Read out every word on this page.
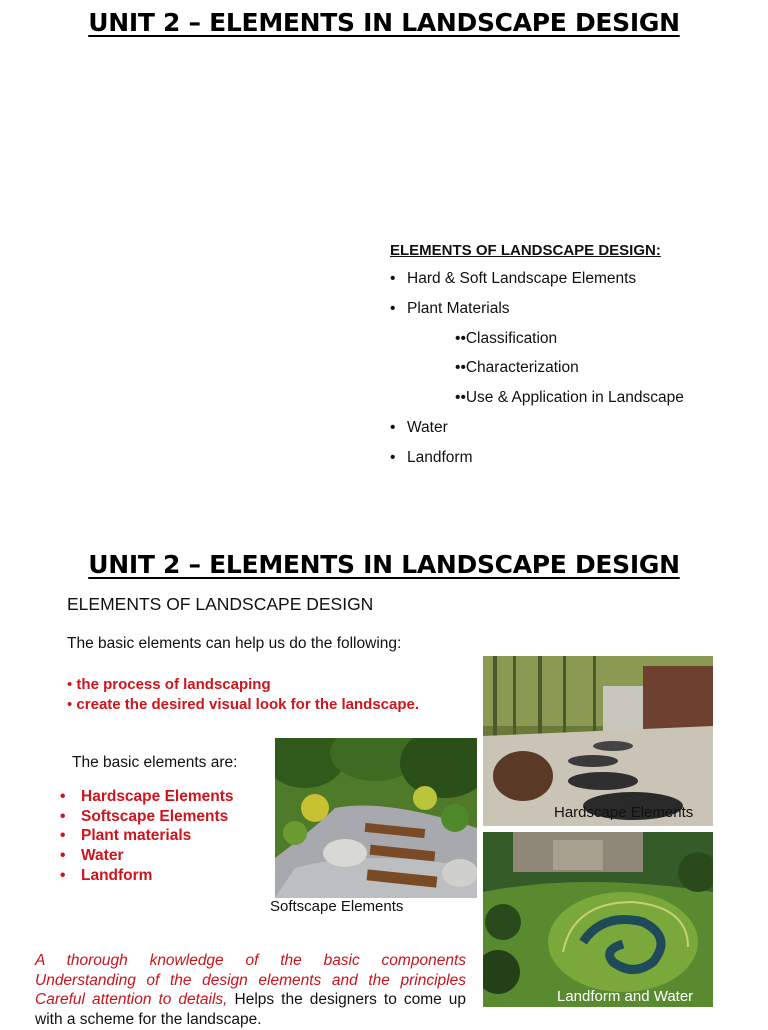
UNIT 2 – ELEMENTS IN LANDSCAPE DESIGN
ELEMENTS OF LANDSCAPE DESIGN:
• Hard & Soft Landscape Elements
• Plant Materials
• •Classification
• •Characterization
• •Use & Application in Landscape
• Water
• Landform
UNIT 2 – ELEMENTS IN LANDSCAPE DESIGN
ELEMENTS OF LANDSCAPE DESIGN
The basic elements can help us do the following:
• the process of landscaping
• create the desired visual look for the landscape.
The basic elements are:
• Hardscape Elements
• Softscape Elements
• Plant materials
• Water
• Landform
Softscape Elements
Hardscape Elements
Landform and Water
A thorough knowledge of the basic components Understanding of the design elements and the principles Careful attention to details, Helps the designers to come up with a scheme for the landscape.
